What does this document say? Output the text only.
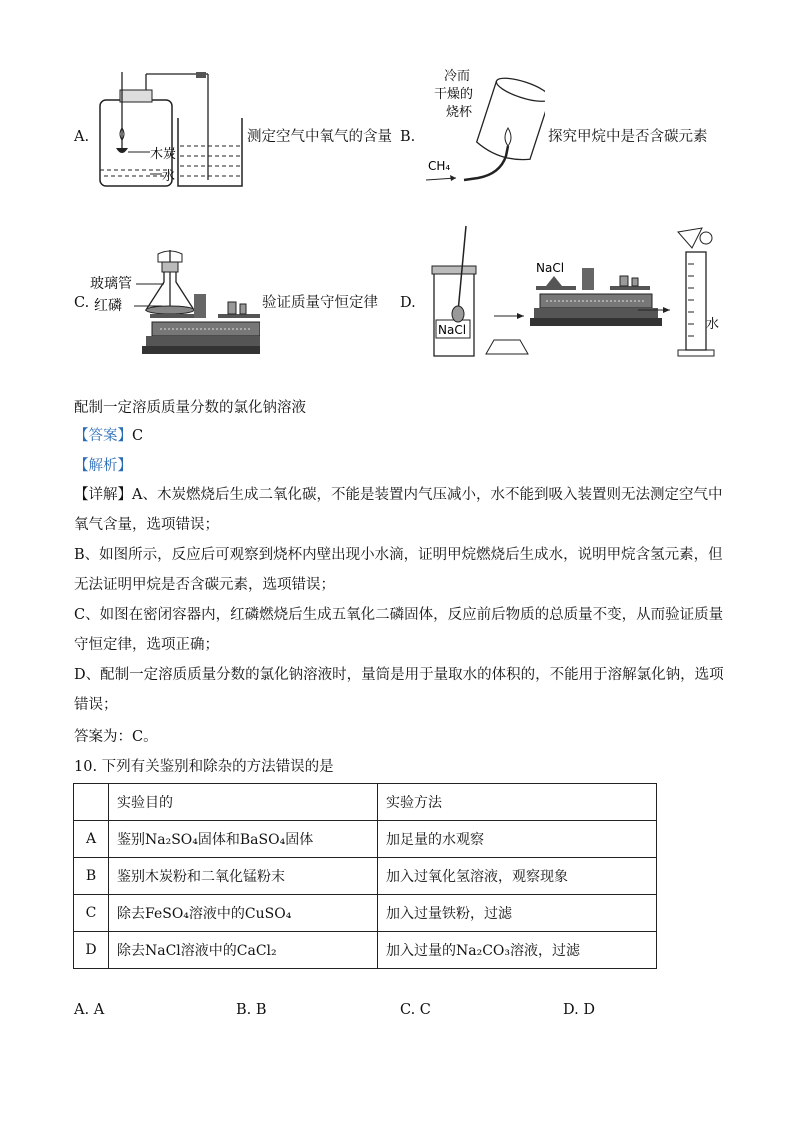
A.
木炭
水
测定空气中氧气的含量 B.
冷而
干燥的
烧杯
CH₄
探究甲烷中是否含碳元素
C.
玻璃管
红磷	验证质量守恒定律 D.
NaCl
NaCl
水
配制一定溶质质量分数的氯化钠溶液
【答案】C
【解析】
【详解】A、木炭燃烧后生成二氧化碳，不能是装置内气压减小，水不能到吸入装置则无法测定空气中氧气含量，选项错误；
B、如图所示，反应后可观察到烧杯内壁出现小水滴，证明甲烷燃烧后生成水，说明甲烷含氢元素，但无法证明甲烷是否含碳元素，选项错误；
C、如图在密闭容器内，红磷燃烧后生成五氧化二磷固体，反应前后物质的总质量不变，从而验证质量守恒定律，选项正确；
D、配制一定溶质质量分数的氯化钠溶液时，量筒是用于量取水的体积的，不能用于溶解氯化钠，选项错误；
答案为：C。
10. 下列有关鉴别和除杂的方法错误的是
	实验目的	实验方法
A	鉴别Na₂SO₄固体和BaSO₄固体	加足量的水观察
B	鉴别木炭粉和二氧化锰粉末	加入过氧化氢溶液，观察现象
C	除去FeSO₄溶液中的CuSO₄	加入过量铁粉，过滤
D	除去NaCl溶液中的CaCl₂	加入过量的Na₂CO₃溶液，过滤
A. A	B. B	C. C	D. D
